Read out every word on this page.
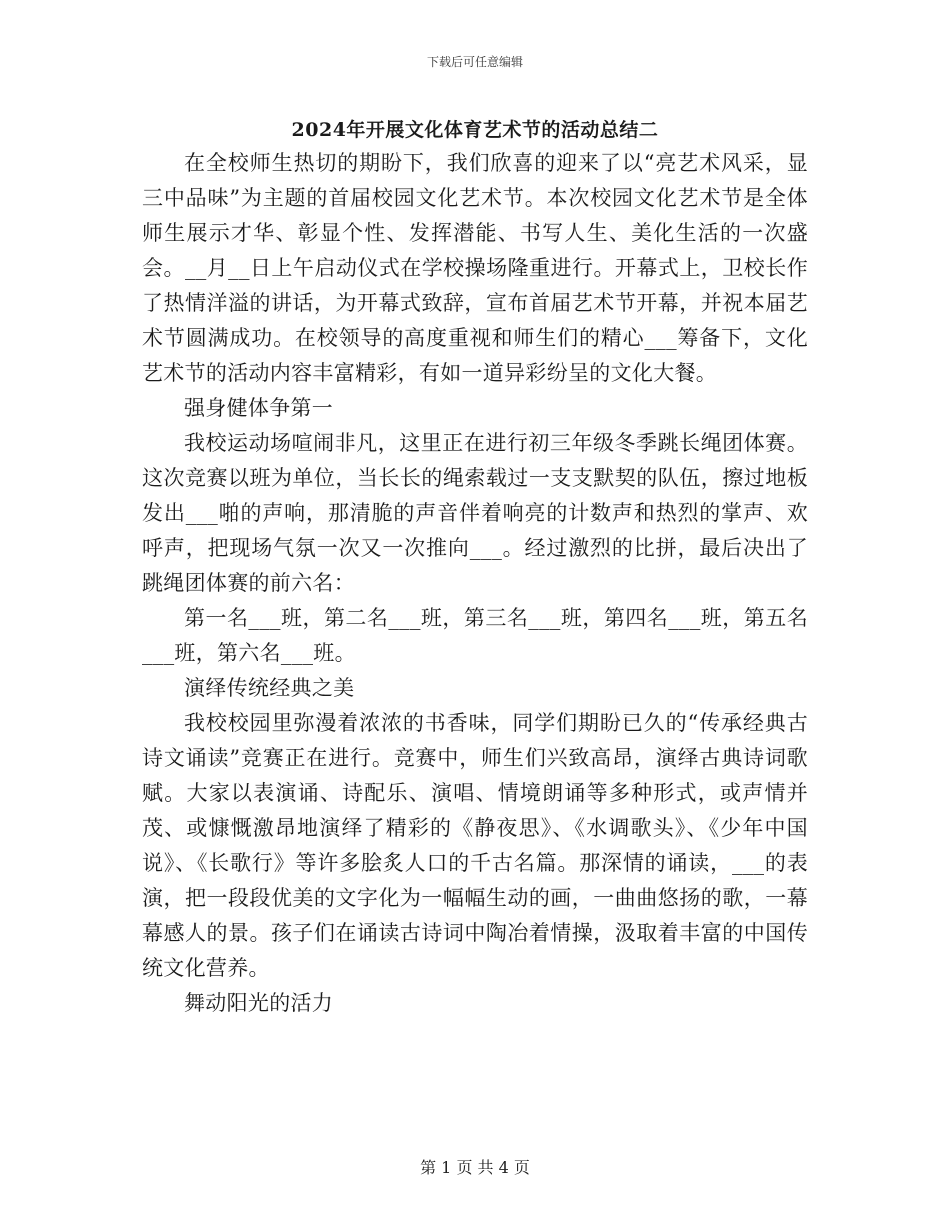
下载后可任意编辑
2024年开展文化体育艺术节的活动总结二

在全校师生热切的期盼下，我们欣喜的迎来了以“亮艺术风采，显三中品味”为主题的首届校园文化艺术节。本次校园文化艺术节是全体师生展示才华、彰显个性、发挥潜能、书写人生、美化生活的一次盛会。__月__日上午启动仪式在学校操场隆重进行。开幕式上，卫校长作了热情洋溢的讲话，为开幕式致辞，宣布首届艺术节开幕，并祝本届艺术节圆满成功。在校领导的高度重视和师生们的精心___筹备下，文化艺术节的活动内容丰富精彩，有如一道异彩纷呈的文化大餐。

强身健体争第一

我校运动场喧闹非凡，这里正在进行初三年级冬季跳长绳团体赛。这次竞赛以班为单位，当长长的绳索载过一支支默契的队伍，擦过地板发出___啪的声响，那清脆的声音伴着响亮的计数声和热烈的掌声、欢呼声，把现场气氛一次又一次推向___。经过激烈的比拼，最后决出了跳绳团体赛的前六名：

第一名___班，第二名___班，第三名___班，第四名___班，第五名___班，第六名___班。

演绎传统经典之美

我校校园里弥漫着浓浓的书香味，同学们期盼已久的“传承经典古诗文诵读”竞赛正在进行。竞赛中，师生们兴致高昂，演绎古典诗词歌赋。大家以表演诵、诗配乐、演唱、情境朗诵等多种形式，或声情并茂、或慷慨激昂地演绎了精彩的《静夜思》、《水调歌头》、《少年中国说》、《长歌行》等许多脍炙人口的千古名篇。那深情的诵读，___的表演，把一段段优美的文字化为一幅幅生动的画，一曲曲悠扬的歌，一幕幕感人的景。孩子们在诵读古诗词中陶冶着情操，汲取着丰富的中国传统文化营养。

舞动阳光的活力

第 1 页 共 4 页
